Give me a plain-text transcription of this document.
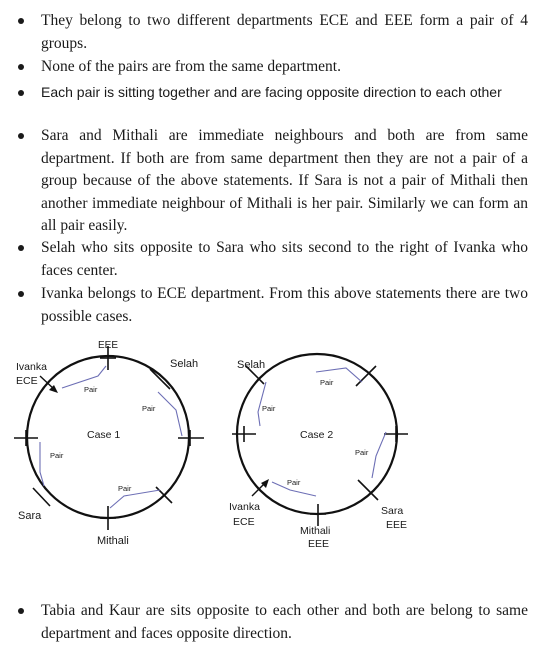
They belong to two different departments ECE and EEE form a pair of 4 groups.
None of the pairs are from the same department.
Each pair is sitting together and are facing opposite direction to each other
Sara and Mithali are immediate neighbours and both are from same department. If both are from same department then they are not a pair of a group because of the above statements. If Sara is not a pair of Mithali then another immediate neighbour of Mithali is her pair. Similarly we can form an all pair easily.
Selah who sits opposite to Sara who sits second to the right of Ivanka who faces center.
Ivanka belongs to ECE department. From this above statements there are two possible cases.
EEE
Ivanka
ECE
Selah
Sara
Mithali
Case 1
Pair
Pair
Pair
Pair
Selah
Ivanka
ECE
Mithali
EEE
Sara
EEE
Case 2
Pair
Pair
Pair
Pair
Tabia and Kaur are sits opposite to each other and both are belong to same department and faces opposite direction.
